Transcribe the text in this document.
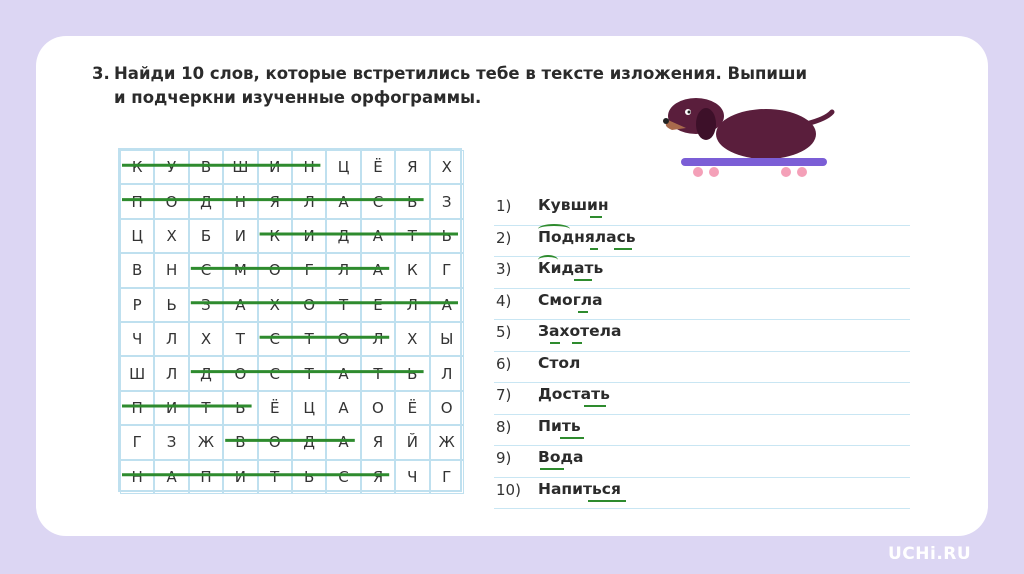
3. Найди 10 слов, которые встретились тебе в тексте изложения. Выпиши
и подчеркни изученные орфограммы.
К	У	В	Ш	И	Н	Ц	Ё	Я	Х
П	О	Д	Н	Я	Л	А	С	Ь	З
Ц	Х	Б	И	К	И	Д	А	Т	Ь
В	Н	С	М	О	Г	Л	А	К	Г
Р	Ь	З	А	Х	О	Т	Е	Л	А
Ч	Л	Х	Т	С	Т	О	Л	Х	Ы
Ш	Л	Д	О	С	Т	А	Т	Ь	Л
П	И	Т	Ь	Ё	Ц	А	О	Ё	О
Г	З	Ж	В	О	Д	А	Я	Й	Ж
Н	А	П	И	Т	Ь	С	Я	Ч	Г
1) Кувшин
2) Поднялась
3) Кидать
4) Смогла
5) Захотела
6) Стол
7) Достать
8) Пить
9) Вода
10) Напиться
UCHi.RU
